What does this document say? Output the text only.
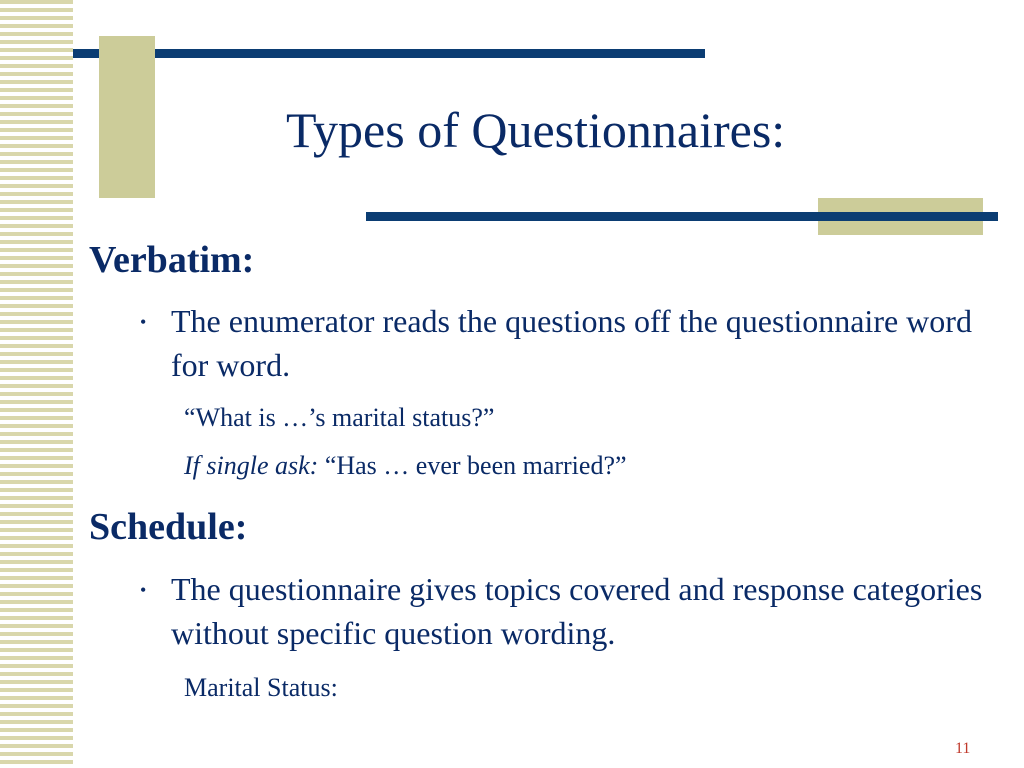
Types of Questionnaires:
Verbatim:
• The enumerator reads the questions off the questionnaire word for word.
“What is …’s marital status?”
If single ask: “Has … ever been married?”
Schedule:
• The questionnaire gives topics covered and response categories without specific question wording.
Marital Status:
11
